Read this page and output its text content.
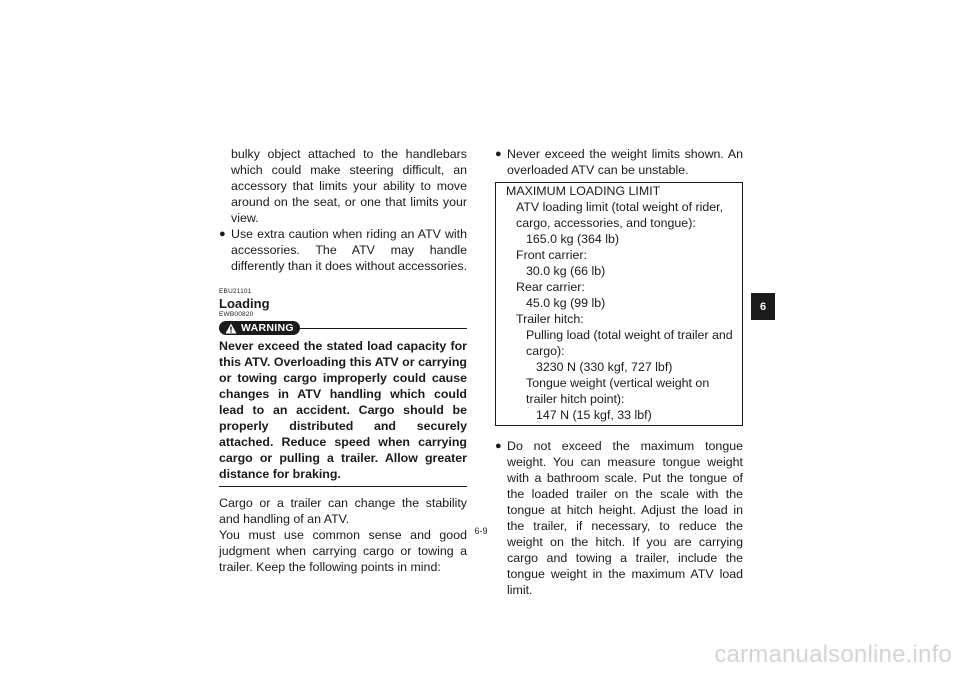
bulky object attached to the handlebars which could make steering difficult, an accessory that limits your ability to move around on the seat, or one that limits your view.
● Use extra caution when riding an ATV with accessories. The ATV may handle differently than it does without accessories.
EBU21101
Loading
EWB00820
WARNING
Never exceed the stated load capacity for this ATV. Overloading this ATV or carrying or towing cargo improperly could cause changes in ATV handling which could lead to an accident. Cargo should be properly distributed and securely attached. Reduce speed when carrying cargo or pulling a trailer. Allow greater distance for braking.
Cargo or a trailer can change the stability and handling of an ATV.
You must use common sense and good judgment when carrying cargo or towing a trailer. Keep the following points in mind:
● Never exceed the weight limits shown. An overloaded ATV can be unstable.
MAXIMUM LOADING LIMIT
ATV loading limit (total weight of rider, cargo, accessories, and tongue):
165.0 kg (364 lb)
Front carrier:
30.0 kg (66 lb)
Rear carrier:
45.0 kg (99 lb)
Trailer hitch:
Pulling load (total weight of trailer and cargo):
3230 N (330 kgf, 727 lbf)
Tongue weight (vertical weight on trailer hitch point):
147 N (15 kgf, 33 lbf)
● Do not exceed the maximum tongue weight. You can measure tongue weight with a bathroom scale. Put the tongue of the loaded trailer on the scale with the tongue at hitch height. Adjust the load in the trailer, if necessary, to reduce the weight on the hitch. If you are carrying cargo and towing a trailer, include the tongue weight in the maximum ATV load limit.
6
6-9
carmanualsonline.info
